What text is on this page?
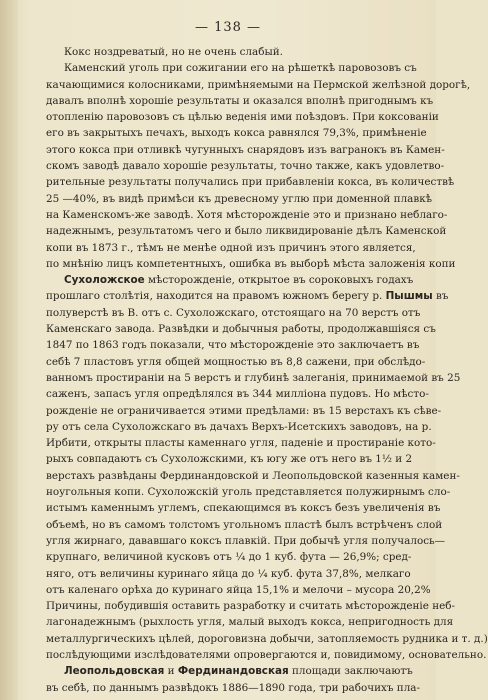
— 138 —
Кокс ноздреватый, но не очень слабый.
Каменский уголь при сожигании его на рѣшеткѣ паровозовъ съ
качающимися колосниками, примѣняемыми на Пермской желѣзной дорогѣ,
давалъ вполнѣ хорошіе результаты и оказался вполнѣ пригоднымъ къ
отопленію паровозовъ съ цѣлью веденія ими поѣздовъ. При коксованіи
его въ закрытыхъ печахъ, выходъ кокса равнялся 79,3%, примѣненіе
этого кокса при отливкѣ чугунныхъ снарядовъ изъ вагранокъ въ Камен-
скомъ заводѣ давало хорошіе результаты, точно также, какъ удовлетво-
рительные результаты получались при прибавленіи кокса, въ количествѣ
25 —40%, въ видѣ примѣси къ древесному углю при доменной плавкѣ
на Каменскомъ-же заводѣ. Хотя мѣсторожденіе это и признано неблаго-
надежнымъ, результатомъ чего и было ликвидированіе дѣлъ Каменской
копи въ 1873 г., тѣмъ не менѣе одной изъ причинъ этого является,
по мнѣнію лицъ компетентныхъ, ошибка въ выборѣ мѣста заложенія копи
Сухоложское мѣсторожденіе, открытое въ сороковыхъ годахъ
прошлаго столѣтія, находится на правомъ южномъ берегу р. Пышмы въ
полуверстѣ въ В. отъ с. Сухоложскаго, отстоящаго на 70 верстъ отъ
Каменскаго завода. Развѣдки и добычныя работы, продолжавшіяся съ
1847 по 1863 годъ показали, что мѣсторожденіе это заключаетъ въ
себѣ 7 пластовъ угля общей мощностью въ 8,8 сажени, при обслѣдо-
ванномъ простираніи на 5 верстъ и глубинѣ залеганія, принимаемой въ 25
саженъ, запасъ угля опредѣлялся въ 344 милліона пудовъ. Но мѣсто-
рожденіе не ограничивается этими предѣлами: въ 15 верстахъ къ сѣве-
ру отъ села Сухоложскаго въ дачахъ Верхъ-Исетскихъ заводовъ, на р.
Ирбити, открыты пласты каменнаго угля, паденіе и простираніе кото-
рыхъ совпадаютъ съ Сухоложскими, къ югу же отъ него въ 1½ и 2
верстахъ развѣданы Фердинандовской и Леопольдовской казенныя камен-
ноугольныя копи. Сухоложскій уголь представляется полужирнымъ сло-
истымъ каменнымъ углемъ, спекающимся въ коксъ безъ увеличенія въ
объемѣ, но въ самомъ толстомъ угольномъ пластѣ былъ встрѣченъ слой
угля жирнаго, дававшаго коксъ плавкій. При добычѣ угля получалось—
крупнаго, величиной кусковъ отъ ¼ до 1 куб. фута — 26,9%; сред-
няго, отъ величины куринаго яйца до ¼ куб. фута 37,8%, мелкаго
отъ каленаго орѣха до куринаго яйца 15,1% и мелочи – мусора 20,2%
Причины, побудившія оставить разработку и считать мѣсторожденіе неб-
лагонадежнымъ (рыхлость угля, малый выходъ кокса, непригодность для
металлургическихъ цѣлей, дороговизна добычи, затопляемость рудника и т. д.)
послѣдующими изслѣдователями опровергаются и, повидимому, основательно.
Леопольдовская и Фердинандовская площади заключаютъ
въ себѣ, по даннымъ развѣдокъ 1886—1890 года, три рабочихъ пла-
